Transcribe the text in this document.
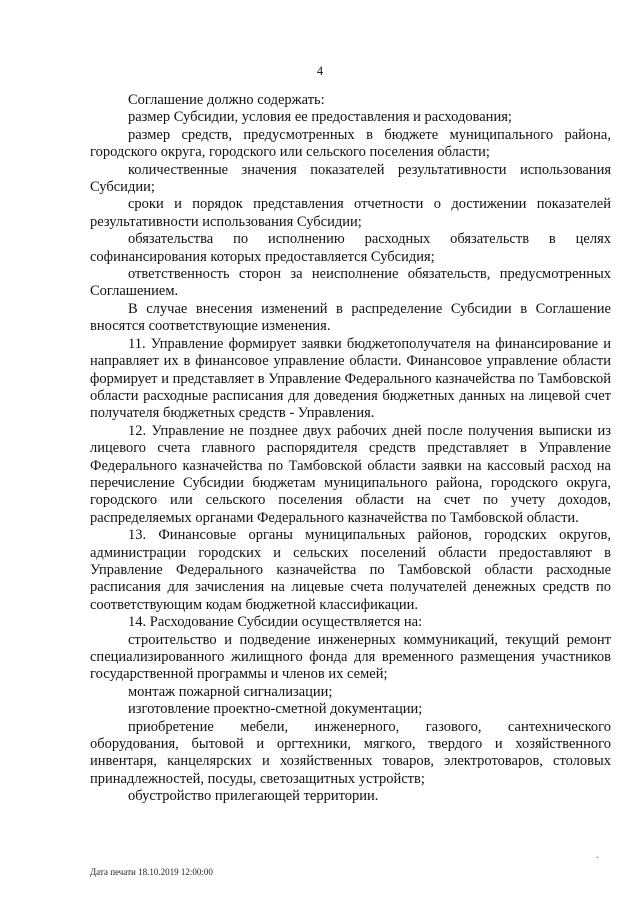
4

Соглашение должно содержать:

размер Субсидии, условия ее предоставления и расходования;

размер средств, предусмотренных в бюджете муниципального района, городского округа, городского или сельского поселения области;

количественные значения показателей результативности использования Субсидии;

сроки и порядок представления отчетности о достижении показателей результативности использования Субсидии;

обязательства по исполнению расходных обязательств в целях софинансирования которых предоставляется Субсидия;

ответственность сторон за неисполнение обязательств, предусмотренных Соглашением.

В случае внесения изменений в распределение Субсидии в Соглашение вносятся соответствующие изменения.

11. Управление формирует заявки бюджетополучателя на финансирование и направляет их в финансовое управление области. Финансовое управление области формирует и представляет в Управление Федерального казначейства по Тамбовской области расходные расписания для доведения бюджетных данных на лицевой счет получателя бюджетных средств - Управления.

12. Управление не позднее двух рабочих дней после получения выписки из лицевого счета главного распорядителя средств представляет в Управление Федерального казначейства по Тамбовской области заявки на кассовый расход на перечисление Субсидии бюджетам муниципального района, городского округа, городского или сельского поселения области на счет по учету доходов, распределяемых органами Федерального казначейства по Тамбовской области.

13. Финансовые органы муниципальных районов, городских округов, администрации городских и сельских поселений области предоставляют в Управление Федерального казначейства по Тамбовской области расходные расписания для зачисления на лицевые счета получателей денежных средств по соответствующим кодам бюджетной классификации.

14. Расходование Субсидии осуществляется на:

строительство и подведение инженерных коммуникаций, текущий ремонт специализированного жилищного фонда для временного размещения участников государственной программы и членов их семей;

монтаж пожарной сигнализации;

изготовление проектно-сметной документации;

приобретение мебели, инженерного, газового, сантехнического оборудования, бытовой и оргтехники, мягкого, твердого и хозяйственного инвентаря, канцелярских и хозяйственных товаров, электротоваров, столовых принадлежностей, посуды, светозащитных устройств;

обустройство прилегающей территории.

.
Дата печати 18.10.2019 12:00:00
